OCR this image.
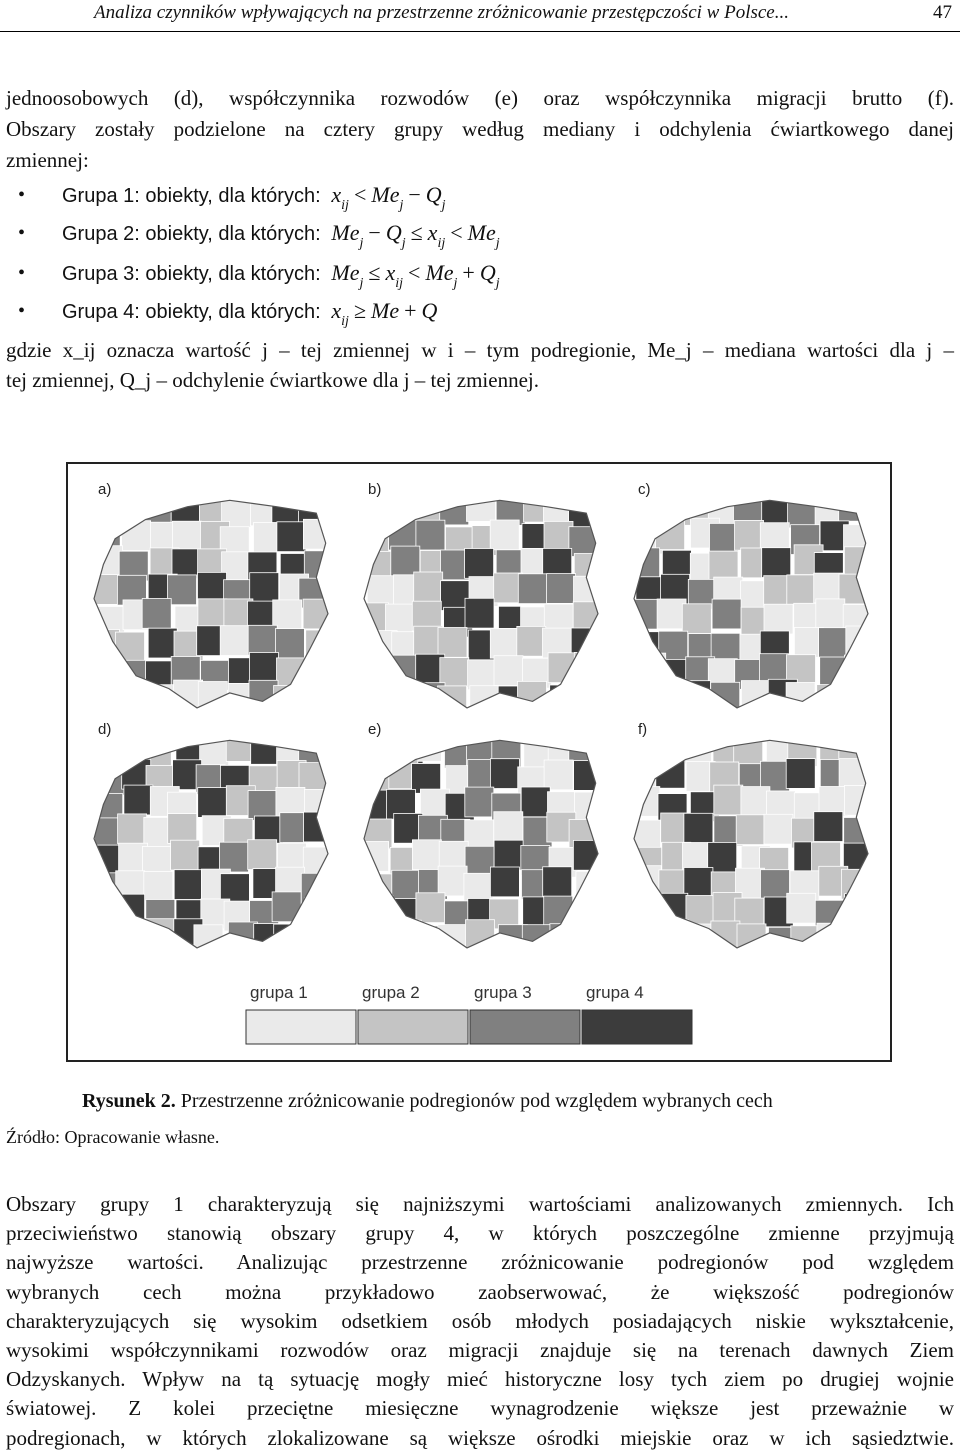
Analiza czynników wpływających na przestrzenne zróżnicowanie przestępczości w Polsce...	47
jednoosobowych (d), współczynnika rozwodów (e) oraz współczynnika migracji brutto (f).
Obszary zostały podzielone na cztery grupy według mediany i odchylenia ćwiartkowego danej
zmiennej:
• Grupa 1: obiekty, dla których:  $x_{ij} < Me_j - Q_j$
• Grupa 2: obiekty, dla których:  $Me_j - Q_j \le x_{ij} < Me_j$
• Grupa 3: obiekty, dla których:  $Me_j \le x_{ij} < Me_j + Q_j$
• Grupa 4: obiekty, dla których:  $x_{ij} \ge Me + Q$
gdzie x_ij oznacza wartość j – tej zmiennej w i – tym podregionie, Me_j – mediana wartości dla j –
tej zmiennej, Q_j – odchylenie ćwiartkowe dla j – tej zmiennej.
a)	b)	c)
d)	e)	f)
grupa 1	grupa 2	grupa 3	grupa 4
Rysunek 2. Przestrzenne zróżnicowanie podregionów pod względem wybranych cech
Źródło: Opracowanie własne.
Obszary grupy 1 charakteryzują się najniższymi wartościami analizowanych zmiennych. Ich
przeciwieństwo stanowią obszary grupy 4, w których poszczególne zmienne przyjmują
najwyższe wartości. Analizując przestrzenne zróżnicowanie podregionów pod względem
wybranych cech można przykładowo zaobserwować, że większość podregionów
charakteryzujących się wysokim odsetkiem osób młodych posiadających niskie wykształcenie,
wysokimi współczynnikami rozwodów oraz migracji znajduje się na terenach dawnych Ziem
Odzyskanych. Wpływ na tą sytuację mogły mieć historyczne losy tych ziem po drugiej wojnie
światowej. Z kolei przeciętne miesięczne wynagrodzenie większe jest przeważnie w
podregionach, w których zlokalizowane są większe ośrodki miejskie oraz w ich sąsiedztwie.
